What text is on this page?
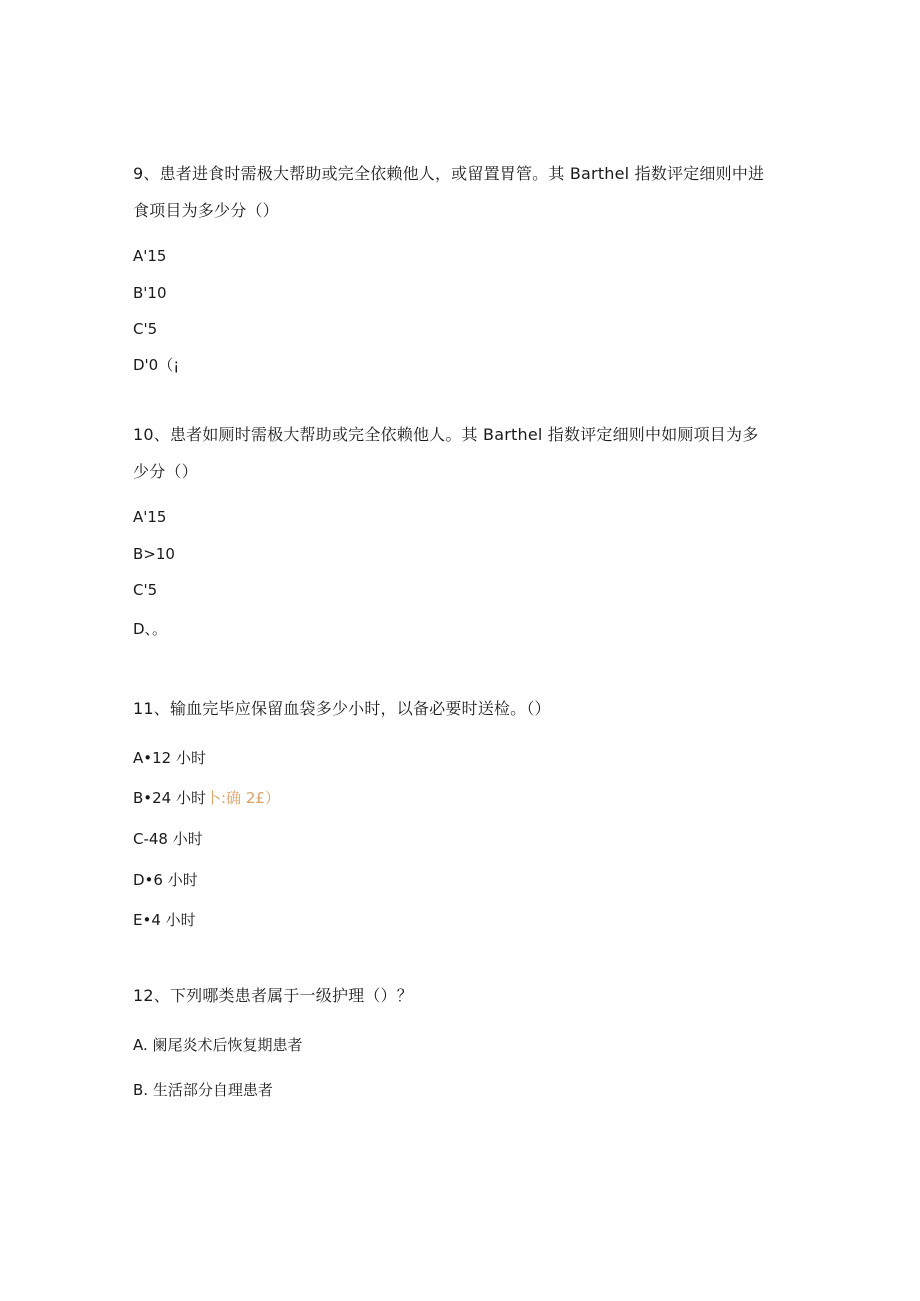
9、患者进食时需极大帮助或完全依赖他人，或留置胃管。其 Barthel 指数评定细则中进
食项目为多少分（）
A'15
B'10
C'5
D'0（¡
10、患者如厕时需极大帮助或完全依赖他人。其 Barthel 指数评定细则中如厕项目为多
少分（）
A'15
B>10
C'5
D、。
11、输血完毕应保留血袋多少小时，以备必要时送检。（）
A•12 小时
B•24 小时卜:确 2£）
C-48 小时
D•6 小时
E•4 小时
12、下列哪类患者属于一级护理（）？
A. 阑尾炎术后恢复期患者
B. 生活部分自理患者
